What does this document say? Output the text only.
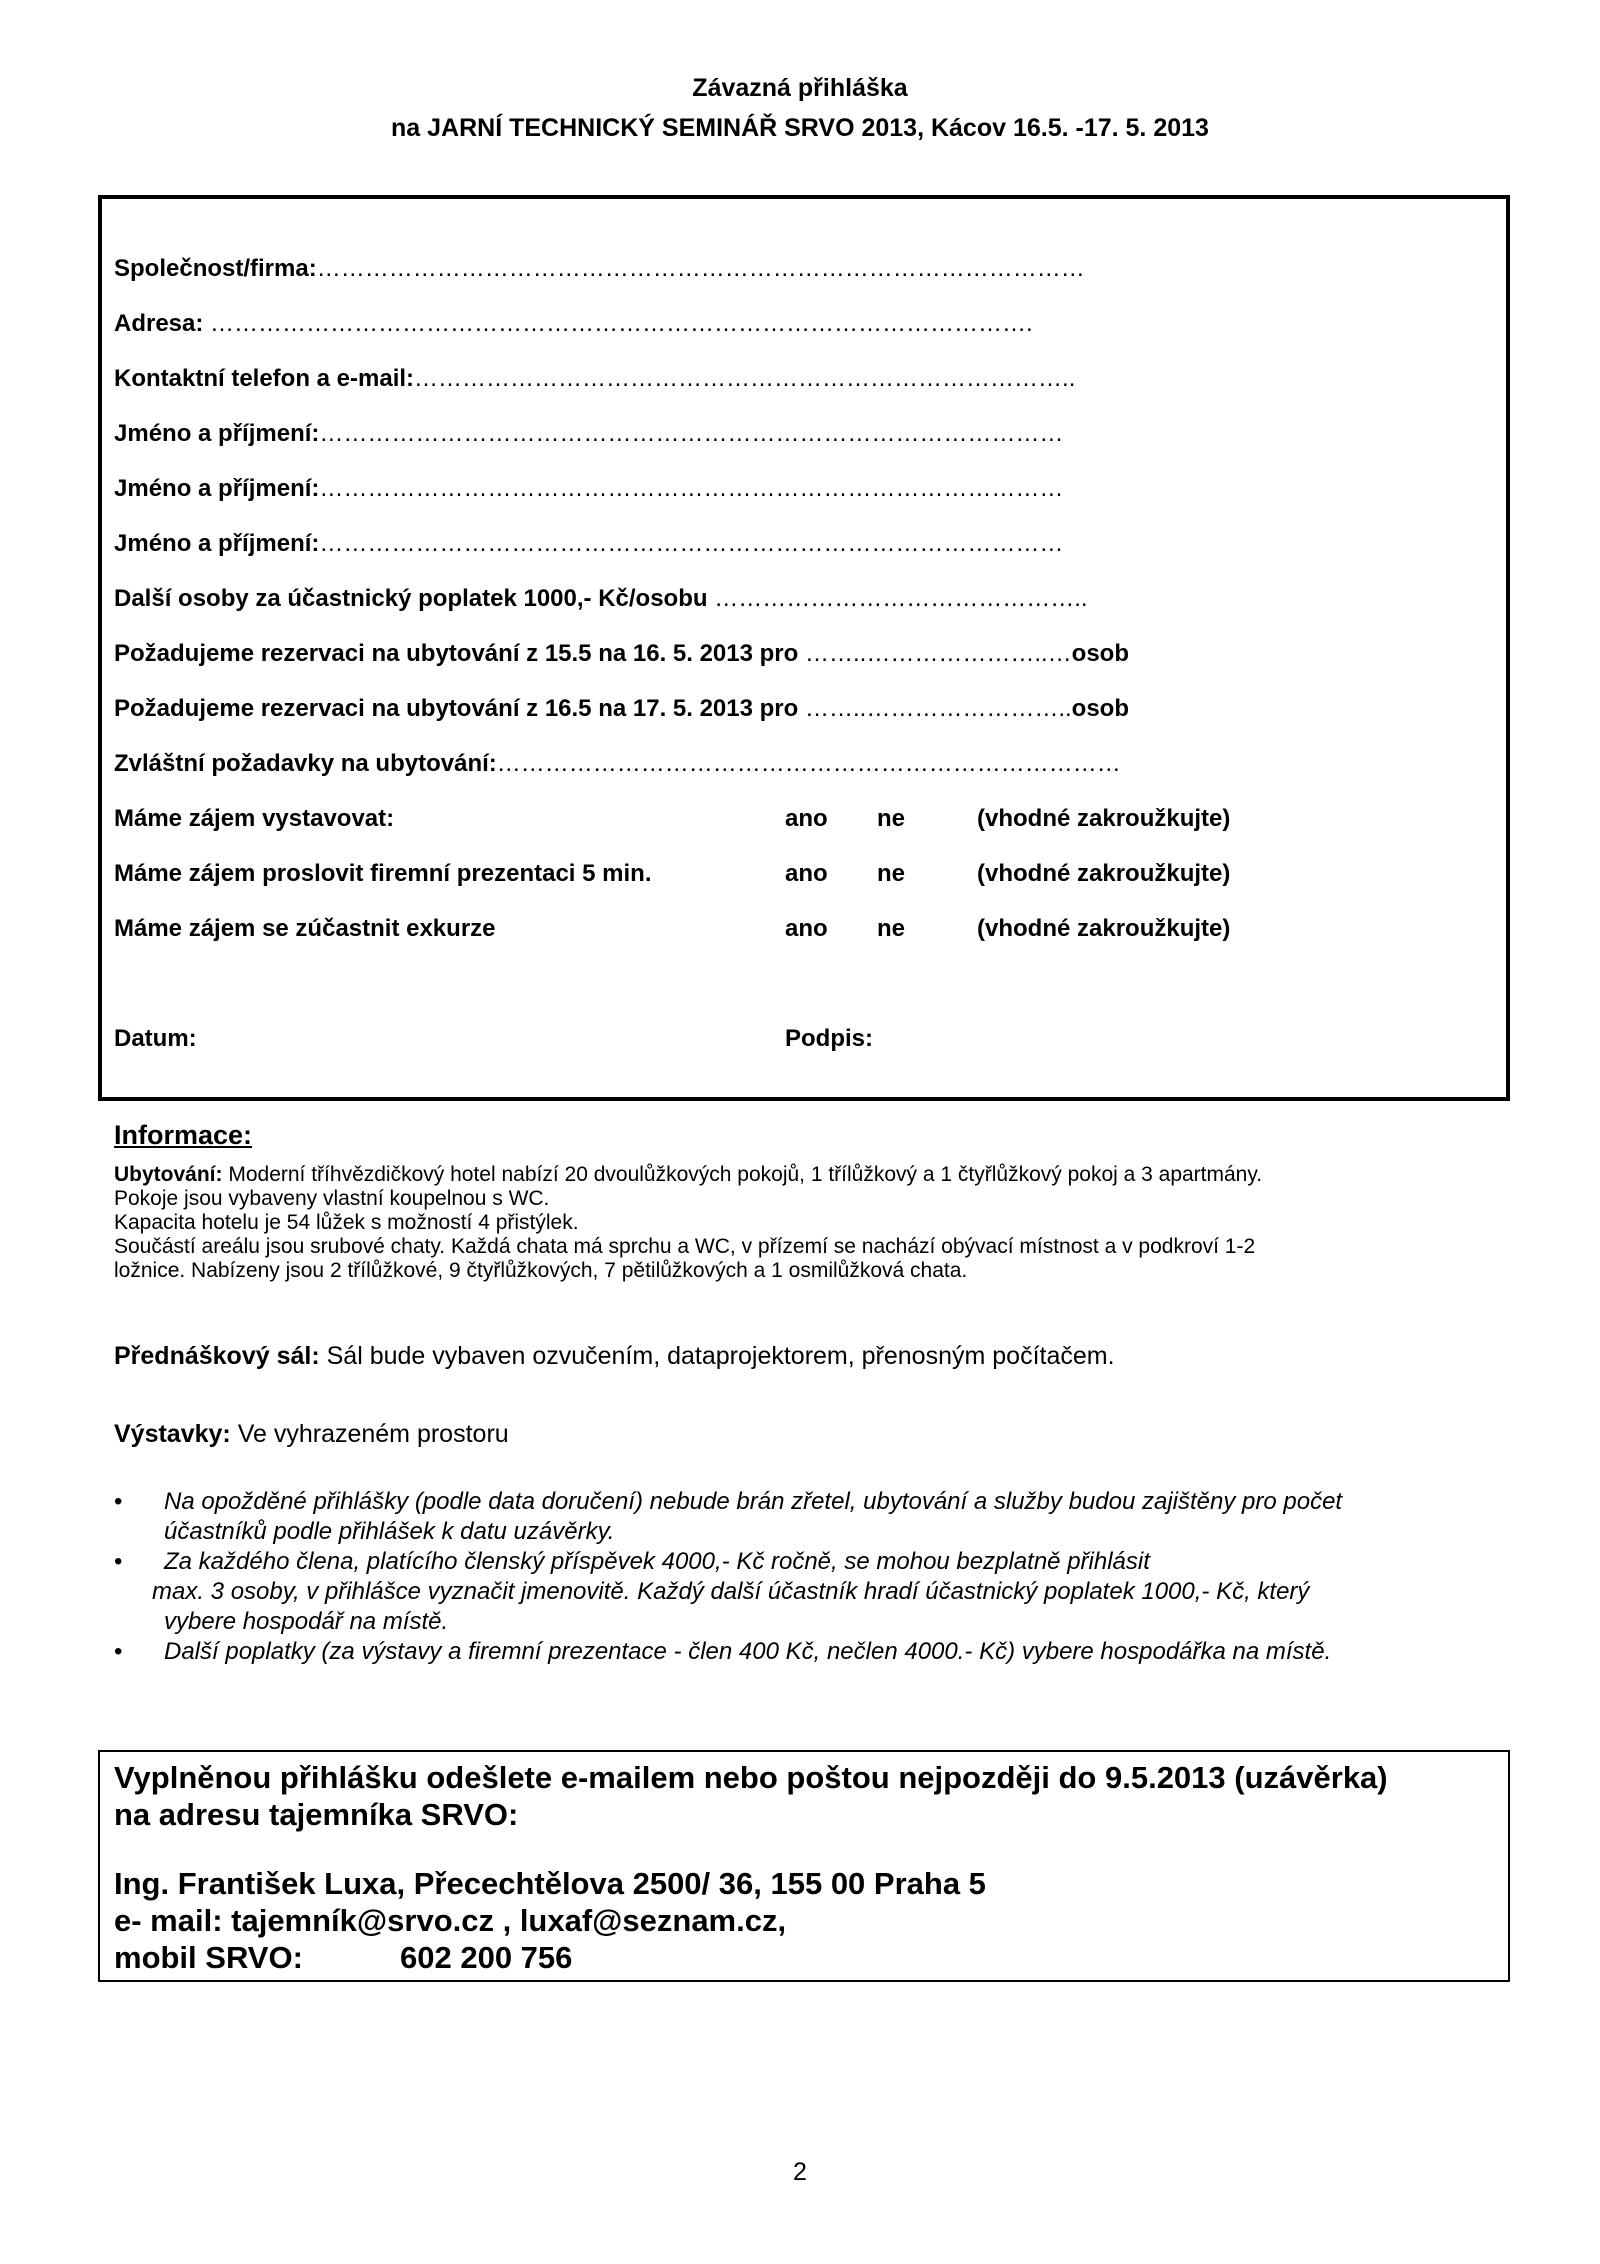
Závazná přihláška
na JARNÍ TECHNICKÝ SEMINÁŘ SRVO 2013, Kácov 16.5. -17. 5. 2013
Společnost/firma:……………………………………………………………………………………
Adresa: ………………………………………………………………………………………….
Kontaktní telefon a e-mail:………………………………………………………………………..
Jméno a příjmení:…………………………………………………………………………………
Jméno a příjmení:…………………………………………………………………………………
Jméno a příjmení:…………………………………………………………………………………
Další osoby za účastnický poplatek 1000,- Kč/osobu ………………………………………..
Požadujeme rezervaci na ubytování z 15.5 na 16. 5. 2013 pro ……..…………………..…osob
Požadujeme rezervaci na ubytování z 16.5 na 17. 5. 2013 pro ……..……………………..osob
Zvláštní požadavky na ubytování:……………………………………………………………………
Máme zájem vystavovat:	ano ne	(vhodné zakroužkujte)
Máme zájem proslovit firemní prezentaci 5 min.	ano ne	(vhodné zakroužkujte)
Máme zájem se zúčastnit exkurze	ano ne	(vhodné zakroužkujte)
Datum:	Podpis:
Informace:
Ubytování: Moderní tříhvězdičkový hotel nabízí 20 dvoulůžkových pokojů, 1 třílůžkový a 1 čtyřlůžkový pokoj a 3 apartmány.
Pokoje jsou vybaveny vlastní koupelnou s WC.
Kapacita hotelu je 54 lůžek s možností 4 přistýlek.
Součástí areálu jsou srubové chaty. Každá chata má sprchu a WC, v přízemí se nachází obývací místnost a v podkroví 1-2
ložnice. Nabízeny jsou 2 třílůžkové, 9 čtyřlůžkových, 7 pětilůžkových a 1 osmilůžková chata.
Přednáškový sál: Sál bude vybaven ozvučením, dataprojektorem, přenosným počítačem.
Výstavky: Ve vyhrazeném prostoru
• Na opožděné přihlášky (podle data doručení) nebude brán zřetel, ubytování a služby budou zajištěny pro počet
účastníků podle přihlášek k datu uzávěrky.
• Za každého člena, platícího členský příspěvek 4000,- Kč ročně, se mohou bezplatně přihlásit
max. 3 osoby, v přihlášce vyznačit jmenovitě. Každý další účastník hradí účastnický poplatek 1000,- Kč, který
vybere hospodář na místě.
• Další poplatky (za výstavy a firemní prezentace - člen 400 Kč, nečlen 4000.- Kč) vybere hospodářka na místě.
Vyplněnou přihlášku odešlete e-mailem nebo poštou nejpozději do 9.5.2013 (uzávěrka)
na adresu tajemníka SRVO:
Ing. František Luxa, Přecechtělova 2500/ 36, 155 00 Praha 5
e- mail: tajemník@srvo.cz , luxaf@seznam.cz,
mobil SRVO:	602 200 756
2
